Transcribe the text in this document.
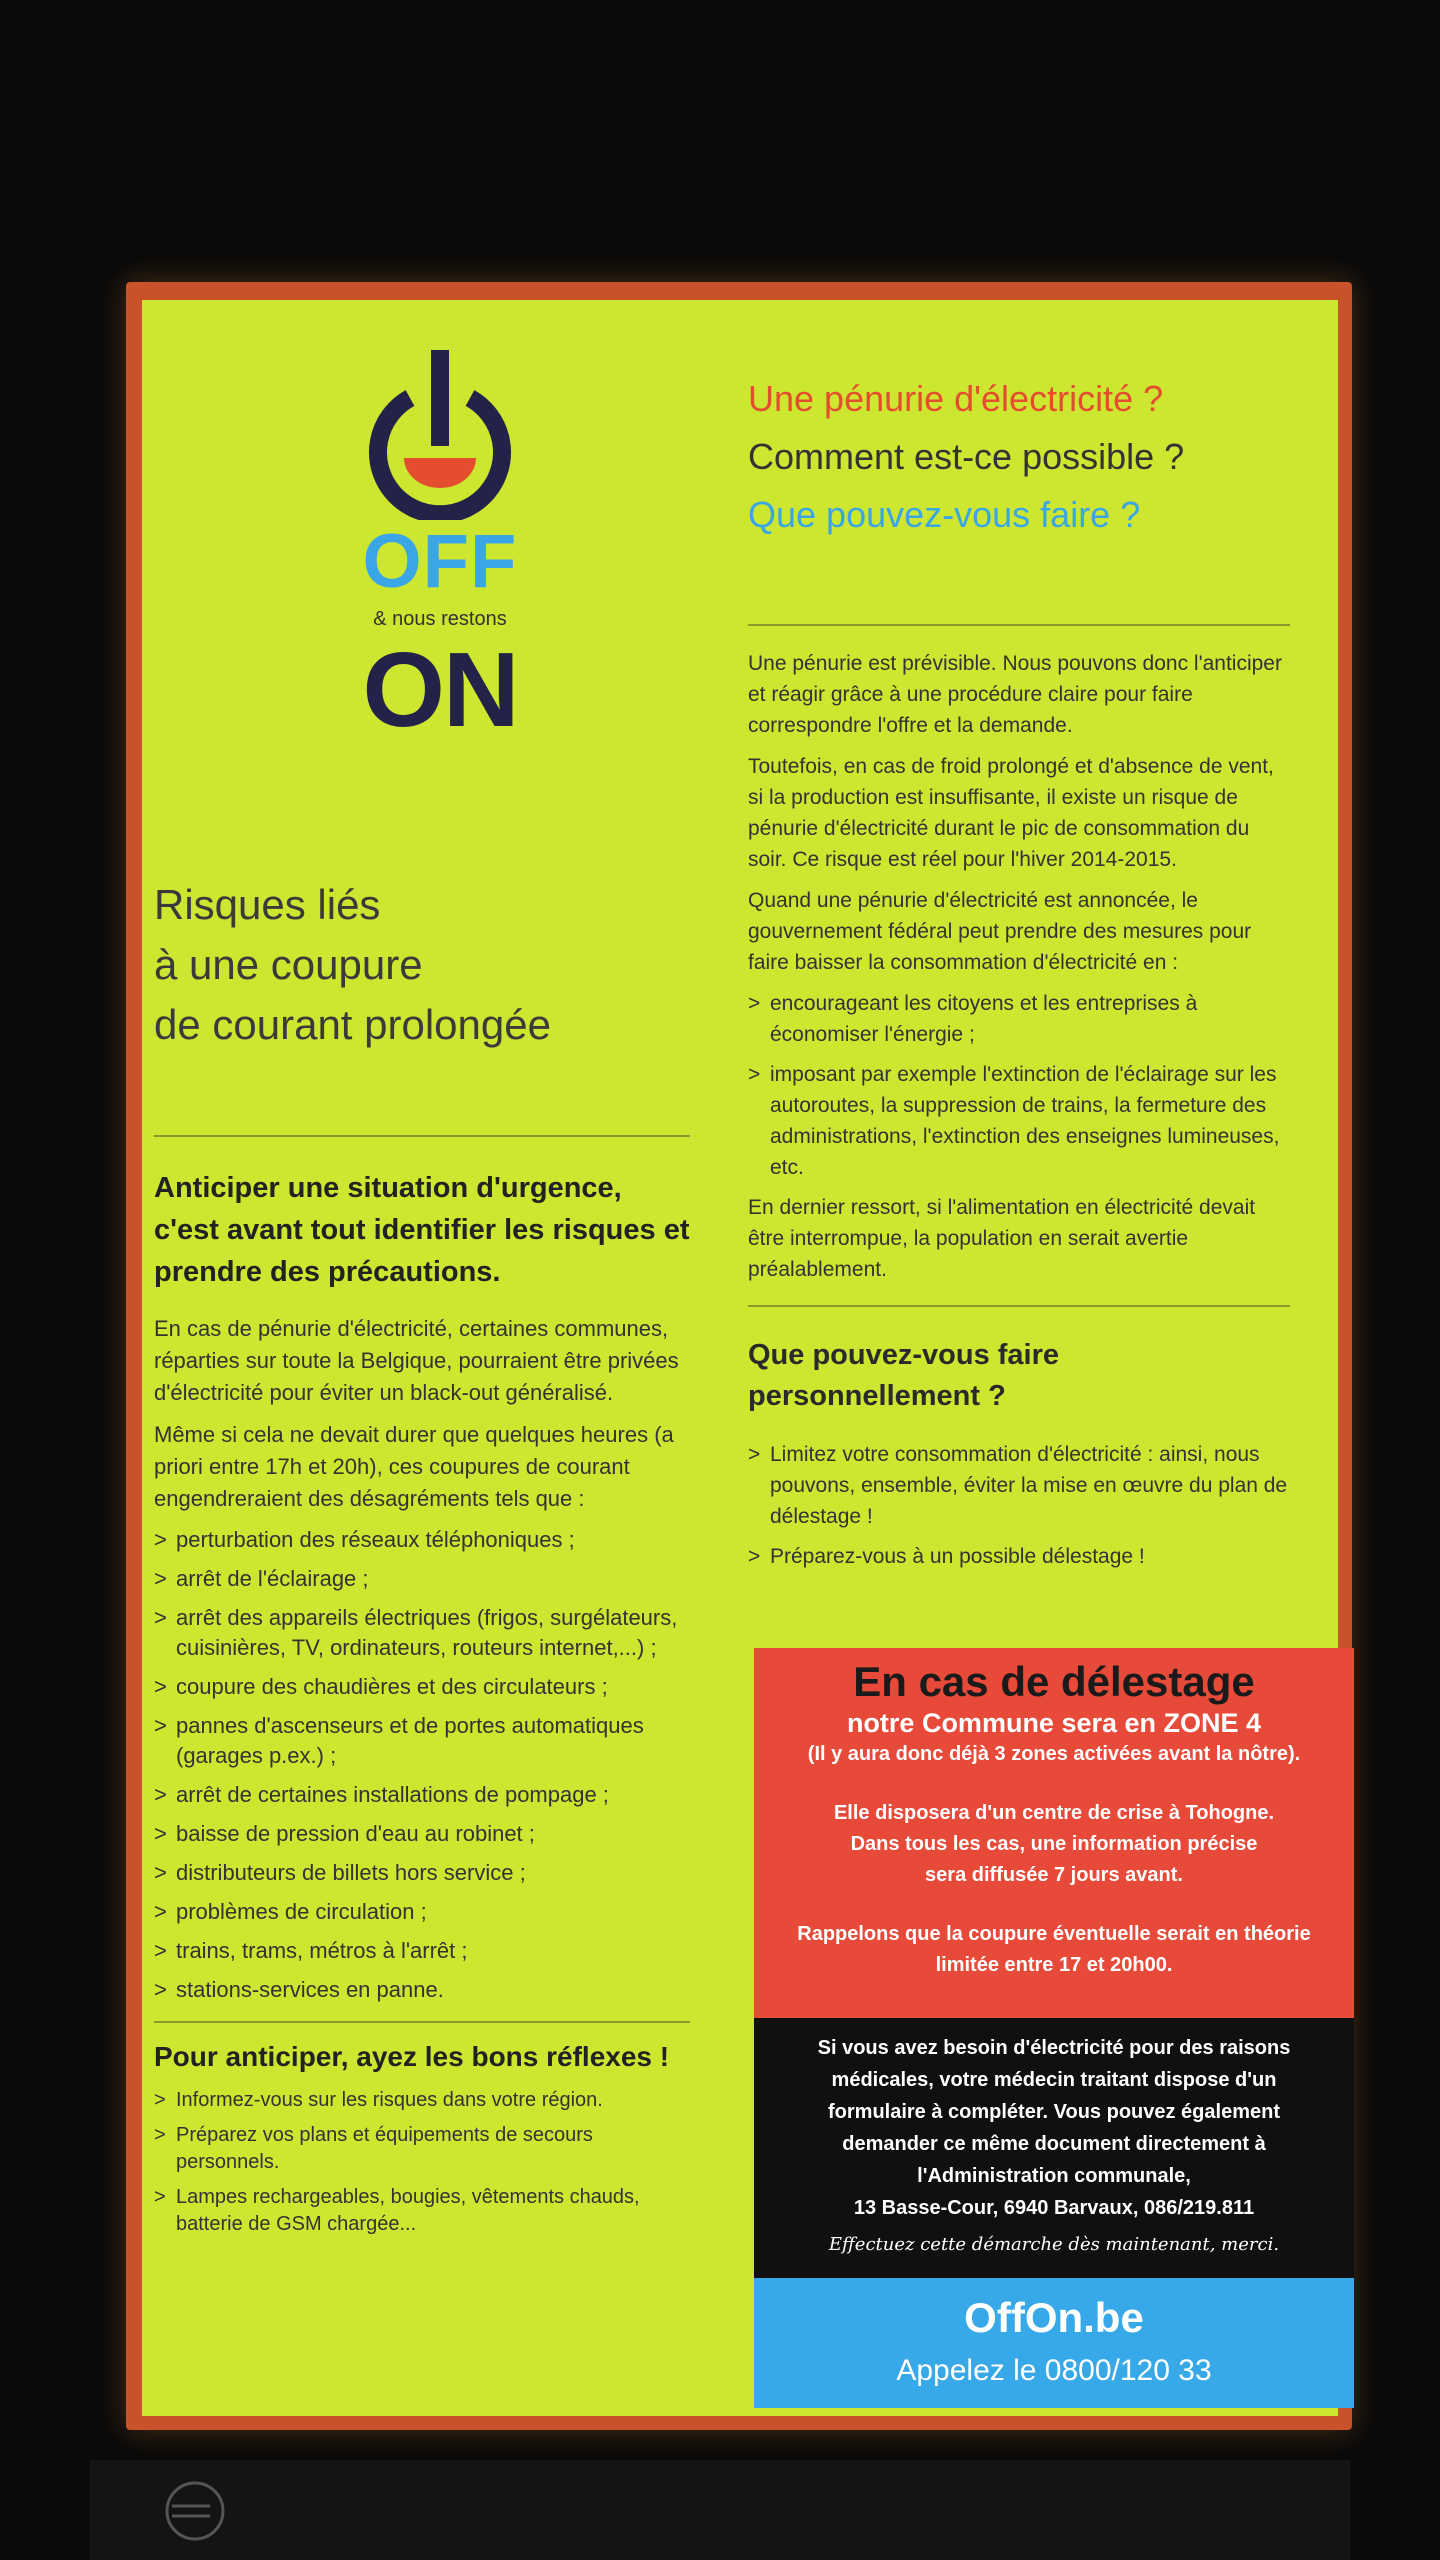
OFF
& nous restons
ON
Risques liés
à une coupure
de courant prolongée
Anticiper une situation d'urgence, c'est avant tout identifier les risques et prendre des précautions.

En cas de pénurie d'électricité, certaines communes, réparties sur toute la Belgique, pourraient être privées d'électricité pour éviter un black-out généralisé.

Même si cela ne devait durer que quelques heures (a priori entre 17h et 20h), ces coupures de courant engendreraient des désagréments tels que :

> perturbation des réseaux téléphoniques ;
> arrêt de l'éclairage ;
> arrêt des appareils électriques (frigos, surgélateurs, cuisinières, TV, ordinateurs, routeurs internet,...) ;
> coupure des chaudières et des circulateurs ;
> pannes d'ascenseurs et de portes automatiques (garages p.ex.) ;
> arrêt de certaines installations de pompage ;
> baisse de pression d'eau au robinet ;
> distributeurs de billets hors service ;
> problèmes de circulation ;
> trains, trams, métros à l'arrêt ;
> stations-services en panne.
Pour anticiper, ayez les bons réflexes !
> Informez-vous sur les risques dans votre région.
> Préparez vos plans et équipements de secours personnels.
> Lampes rechargeables, bougies, vêtements chauds, batterie de GSM chargée...

Une pénurie d'électricité ?

Comment est-ce possible ?

Que pouvez-vous faire ?

Une pénurie est prévisible. Nous pouvons donc l'anticiper et réagir grâce à une procédure claire pour faire correspondre l'offre et la demande.

Toutefois, en cas de froid prolongé et d'absence de vent, si la production est insuffisante, il existe un risque de pénurie d'électricité durant le pic de consommation du soir. Ce risque est réel pour l'hiver 2014-2015.

Quand une pénurie d'électricité est annoncée, le gouvernement fédéral peut prendre des mesures pour faire baisser la consommation d'électricité en :

> encourageant les citoyens et les entreprises à économiser l'énergie ;
> imposant par exemple l'extinction de l'éclairage sur les autoroutes, la suppression de trains, la fermeture des administrations, l'extinction des enseignes lumineuses, etc.

En dernier ressort, si l'alimentation en électricité devait être interrompue, la population en serait avertie préalablement.

Que pouvez-vous faire personnellement ?
> Limitez votre consommation d'électricité : ainsi, nous pouvons, ensemble, éviter la mise en œuvre du plan de délestage !
> Préparez-vous à un possible délestage !
En cas de délestage
notre Commune sera en ZONE 4
(Il y aura donc déjà 3 zones activées avant la nôtre).
Elle disposera d'un centre de crise à Tohogne.
Dans tous les cas, une information précise
sera diffusée 7 jours avant.
Rappelons que la coupure éventuelle serait en théorie
limitée entre 17 et 20h00.
Si vous avez besoin d'électricité pour des raisons
médicales, votre médecin traitant dispose d'un
formulaire à compléter. Vous pouvez également
demander ce même document directement à
l'Administration communale,
13 Basse-Cour, 6940 Barvaux, 086/219.811
Effectuez cette démarche dès maintenant, merci.
OffOn.be
Appelez le 0800/120 33
